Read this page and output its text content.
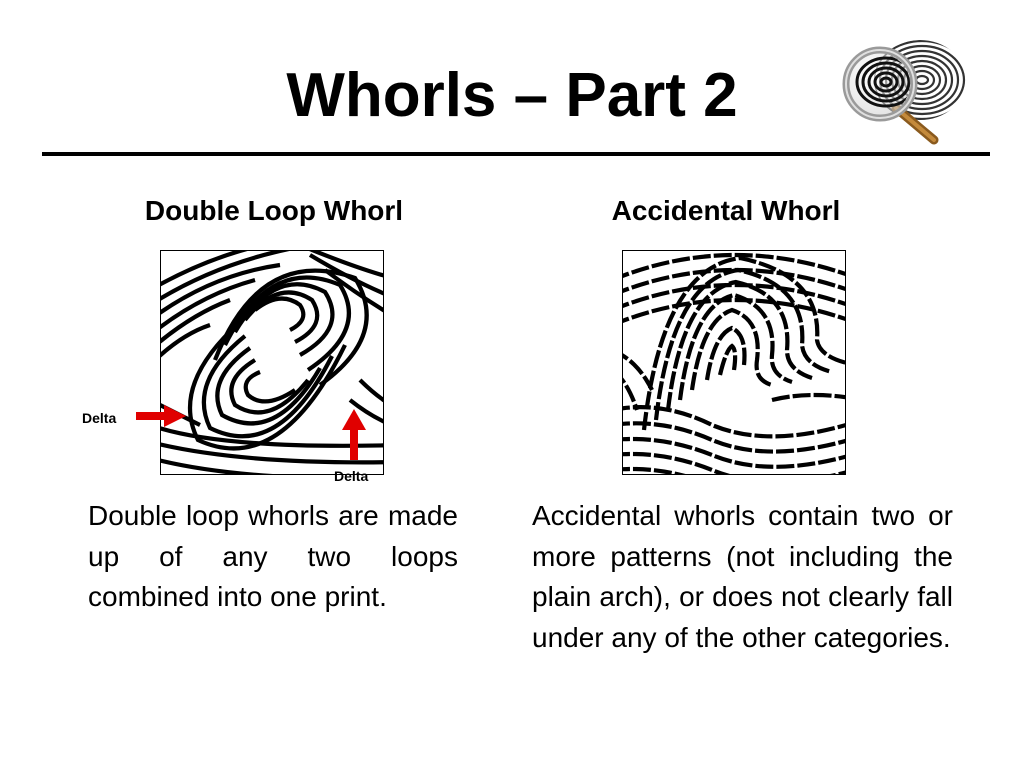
Whorls – Part 2
Double Loop Whorl	Accidental Whorl
Delta
Delta
Double loop whorls are made up of any two loops combined into one print.
Accidental whorls contain two or more patterns (not including the plain arch), or does not clearly fall under any of the other categories.
